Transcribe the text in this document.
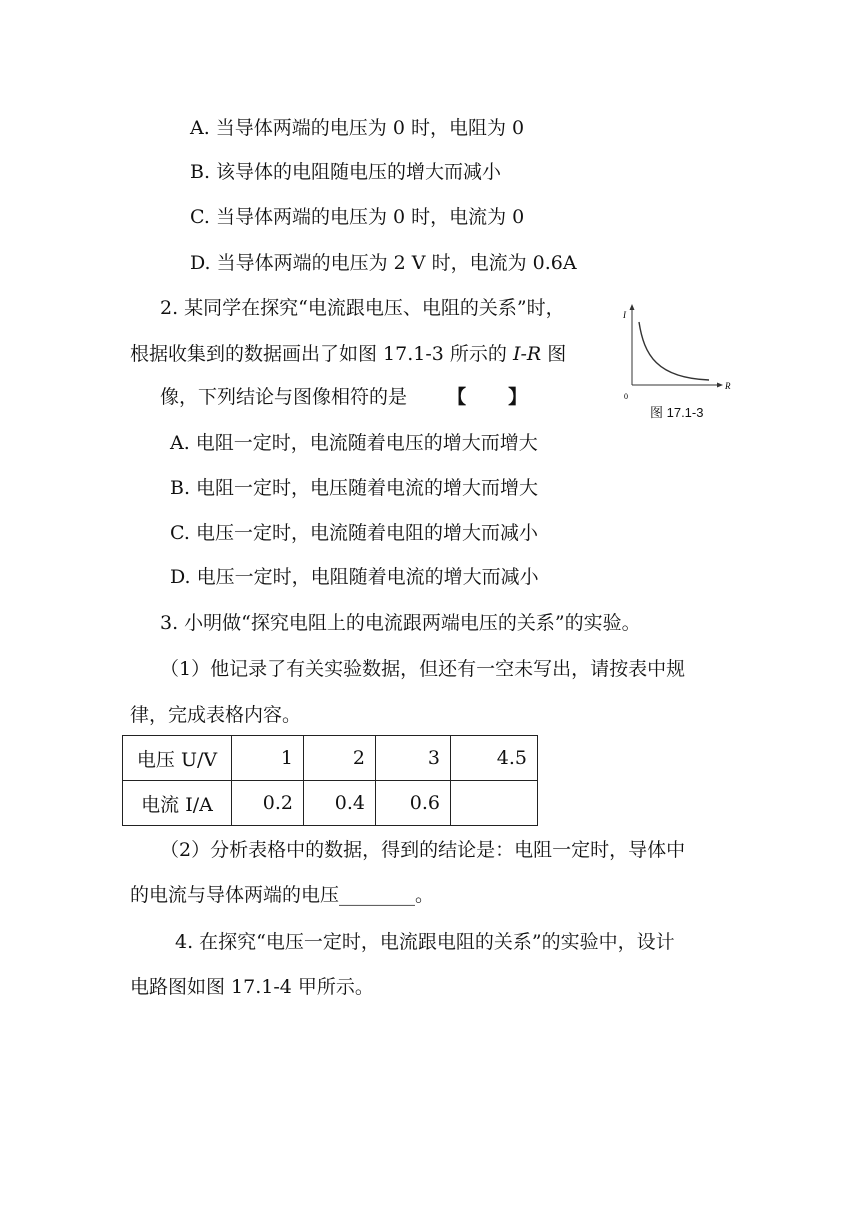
A. 当导体两端的电压为 0 时，电阻为 0
B. 该导体的电阻随电压的增大而减小
C. 当导体两端的电压为 0 时，电流为 0
D. 当导体两端的电压为 2 V 时，电流为 0.6A
2. 某同学在探究“电流跟电压、电阻的关系”时，
根据收集到的数据画出了如图 17.1-3 所示的 I-R 图
像，下列结论与图像相符的是 【 】
I
R
0
图 17.1-3
A. 电阻一定时，电流随着电压的增大而增大
B. 电阻一定时，电压随着电流的增大而增大
C. 电压一定时，电流随着电阻的增大而减小
D. 电压一定时，电阻随着电流的增大而减小
3. 小明做“探究电阻上的电流跟两端电压的关系”的实验。
（1）他记录了有关实验数据，但还有一空未写出，请按表中规
律，完成表格内容。
电压 U/V	1	2	3	4.5
电流 I/A	0.2	0.4	0.6	
（2）分析表格中的数据，得到的结论是：电阻一定时，导体中
的电流与导体两端的电压________。
4. 在探究“电压一定时，电流跟电阻的关系”的实验中，设计
电路图如图 17.1-4 甲所示。
